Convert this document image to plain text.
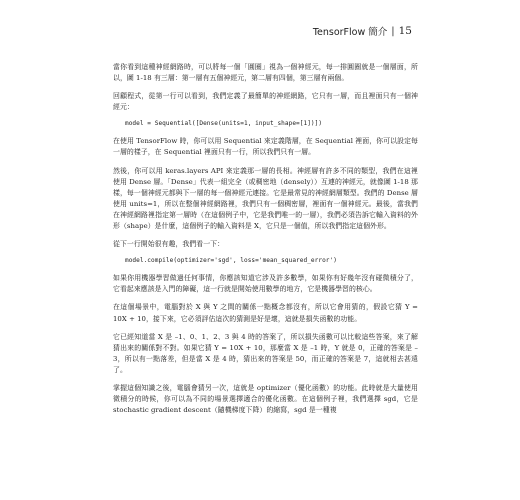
TensorFlow 簡介 | 15

當你看到這種神經網路時，可以將每一個「圓圈」視為一個神經元，每一排圓圈就是一個層面，所以，圖 1-18 有三層：第一層有五個神經元，第二層有四個，第三層有兩個。

回顧程式，從第一行可以看到，我們定義了最簡單的神經網路，它只有一層，而且裡面只有一個神經元：

model = Sequential([Dense(units=1, input_shape=[1])])

在使用 TensorFlow 時，你可以用 Sequential 來定義階層，在 Sequential 裡面，你可以設定每一層的樣子，在 Sequential 裡面只有一行，所以我們只有一層。

然後，你可以用 keras.layers API 來定義那一層的長相。神經層有許多不同的類型，我們在這裡使用 Dense 層。「Dense」代表一組完全（或稠密地（densely））互連的神經元，就像圖 1-18 那樣，每一個神經元都與下一層的每一個神經元連接。它是最常見的神經網層類型。我們的 Dense 層使用 units=1，所以在整個神經網路裡，我們只有一個稠密層，裡面有一個神經元。最後，當我們在神經網路裡指定第一層時（在這個例子中，它是我們唯一的一層），我們必須告訴它輸入資料的外形（shape）是什麼，這個例子的輸入資料是 X，它只是一個值，所以我們指定這個外形。

從下一行開始很有趣，我們看一下：

model.compile(optimizer='sgd', loss='mean_squared_error')

如果你用機器學習做過任何事情，你應該知道它涉及許多數學，如果你有好幾年沒有碰微積分了，它看起來應該是入門的障礙，這一行就是開始使用數學的地方，它是機器學習的核心。

在這個場景中，電腦對於 X 與 Y 之間的關係一點概念都沒有，所以它會用猜的，假設它猜 Y = 10X + 10，接下來，它必須評估這次的猜測是好是壞，這就是損失函數的功能。

它已經知道當 X 是 –1、0、1、2、3 與 4 時的答案了，所以損失函數可以比較這些答案，來了解猜出來的關係對不對。如果它猜 Y = 10X + 10，那麼當 X 是 –1 時，Y 就是 0，正確的答案是 –3，所以有一點落差，但是當 X 是 4 時，猜出來的答案是 50，而正確的答案是 7，這就相去甚遠了。

掌握這個知識之後，電腦會猜另一次，這就是 optimizer（優化函數）的功能。此時就是大量使用微積分的時候，你可以為不同的場景選擇適合的優化函數。在這個例子裡，我們選擇 sgd，它是 stochastic gradient descent（隨機梯度下降）的縮寫，sgd 是一種複
